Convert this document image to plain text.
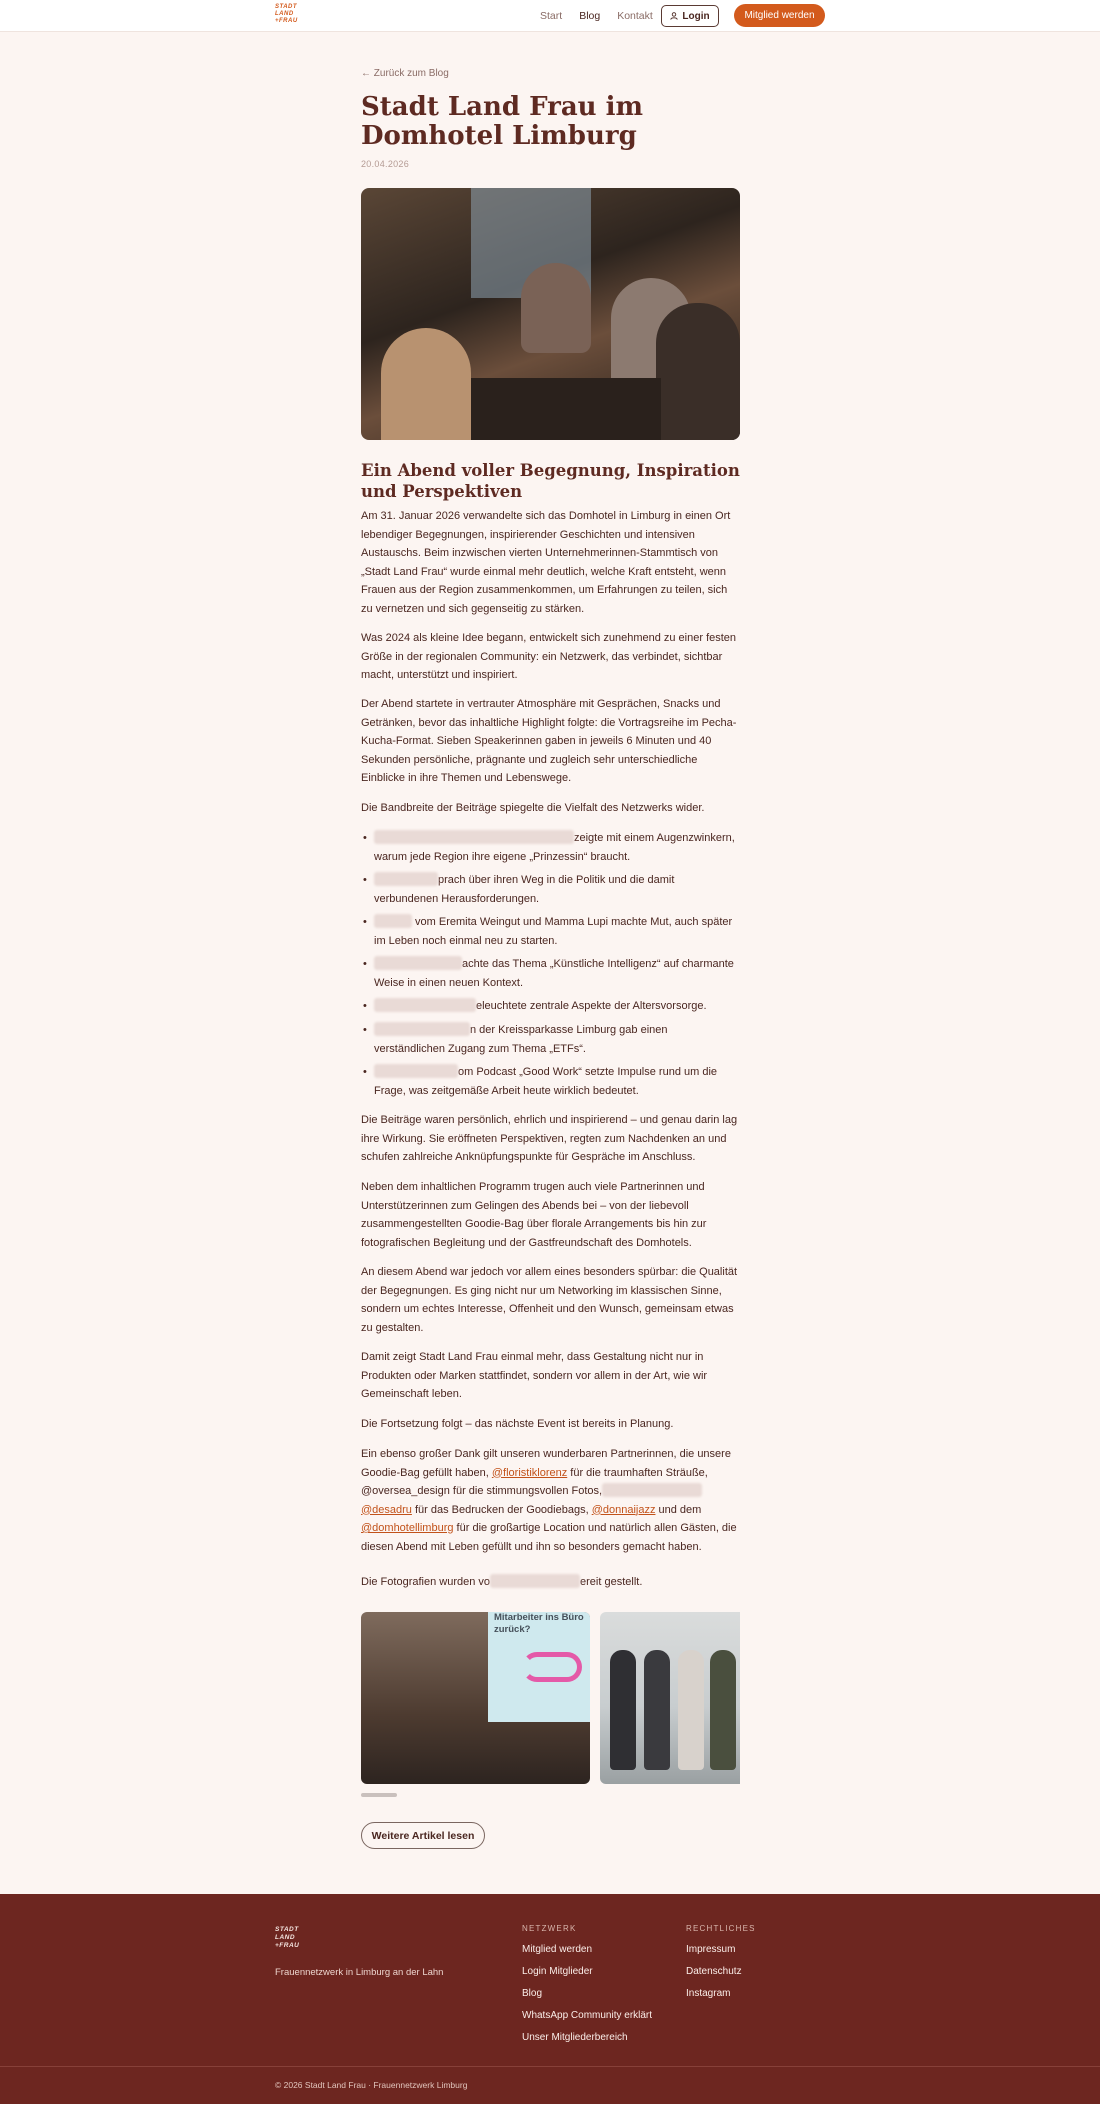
STADT
LAND
+FRAU	Start Blog Kontakt	Login	Mitglied werden
← Zurück zum Blog
Stadt Land Frau im Domhotel Limburg
20.04.2026
Ein Abend voller Begegnung, Inspiration und Perspektiven

Am 31. Januar 2026 verwandelte sich das Domhotel in Limburg in einen Ort lebendiger Begegnungen, inspirierender Geschichten und intensiven Austauschs. Beim inzwischen vierten Unternehmerinnen-Stammtisch von „Stadt Land Frau“ wurde einmal mehr deutlich, welche Kraft entsteht, wenn Frauen aus der Region zusammenkommen, um Erfahrungen zu teilen, sich zu vernetzen und sich gegenseitig zu stärken.

Was 2024 als kleine Idee begann, entwickelt sich zunehmend zu einer festen Größe in der regionalen Community: ein Netzwerk, das verbindet, sichtbar macht, unterstützt und inspiriert.

Der Abend startete in vertrauter Atmosphäre mit Gesprächen, Snacks und Getränken, bevor das inhaltliche Highlight folgte: die Vortragsreihe im Pecha-Kucha-Format. Sieben Speakerinnen gaben in jeweils 6 Minuten und 40 Sekunden persönliche, prägnante und zugleich sehr unterschiedliche Einblicke in ihre Themen und Lebenswege.

Die Bandbreite der Beiträge spiegelte die Vielfalt des Netzwerks wider.

• zeigte mit einem Augenzwinkern, warum jede Region ihre eigene „Prinzessin“ braucht.
• prach über ihren Weg in die Politik und die damit verbundenen Herausforderungen.
• vom Eremita Weingut und Mamma Lupi machte Mut, auch später im Leben noch einmal neu zu starten.
• achte das Thema „Künstliche Intelligenz“ auf charmante Weise in einen neuen Kontext.
• eleuchtete zentrale Aspekte der Altersvorsorge.
• n der Kreissparkasse Limburg gab einen verständlichen Zugang zum Thema „ETFs“.
• om Podcast „Good Work“ setzte Impulse rund um die Frage, was zeitgemäße Arbeit heute wirklich bedeutet.

Die Beiträge waren persönlich, ehrlich und inspirierend – und genau darin lag ihre Wirkung. Sie eröffneten Perspektiven, regten zum Nachdenken an und schufen zahlreiche Anknüpfungspunkte für Gespräche im Anschluss.

Neben dem inhaltlichen Programm trugen auch viele Partnerinnen und Unterstützerinnen zum Gelingen des Abends bei – von der liebevoll zusammengestellten Goodie-Bag über florale Arrangements bis hin zur fotografischen Begleitung und der Gastfreundschaft des Domhotels.

An diesem Abend war jedoch vor allem eines besonders spürbar: die Qualität der Begegnungen. Es ging nicht nur um Networking im klassischen Sinne, sondern um echtes Interesse, Offenheit und den Wunsch, gemeinsam etwas zu gestalten.

Damit zeigt Stadt Land Frau einmal mehr, dass Gestaltung nicht nur in Produkten oder Marken stattfindet, sondern vor allem in der Art, wie wir Gemeinschaft leben.

Die Fortsetzung folgt – das nächste Event ist bereits in Planung.

Ein ebenso großer Dank gilt unseren wunderbaren Partnerinnen, die unsere Goodie-Bag gefüllt haben, @floristiklorenz für die traumhaften Sträuße, @oversea_design für die stimmungsvollen Fotos, @desadru für das Bedrucken der Goodiebags, @donnaijazz und dem @domhotellimburg für die großartige Location und natürlich allen Gästen, die diesen Abend mit Leben gefüllt und ihn so besonders gemacht haben.

Die Fotografien wurden vo	ereit gestellt.

Mitarbeiter ins Büro zurück?
Weitere Artikel lesen
STADT
LAND
+FRAU
Frauennetzwerk in Limburg an der Lahn
NETZWERK
Mitglied werden
Login Mitglieder
Blog
WhatsApp Community erklärt
Unser Mitgliederbereich
RECHTLICHES
Impressum
Datenschutz
Instagram
© 2026 Stadt Land Frau · Frauennetzwerk Limburg
